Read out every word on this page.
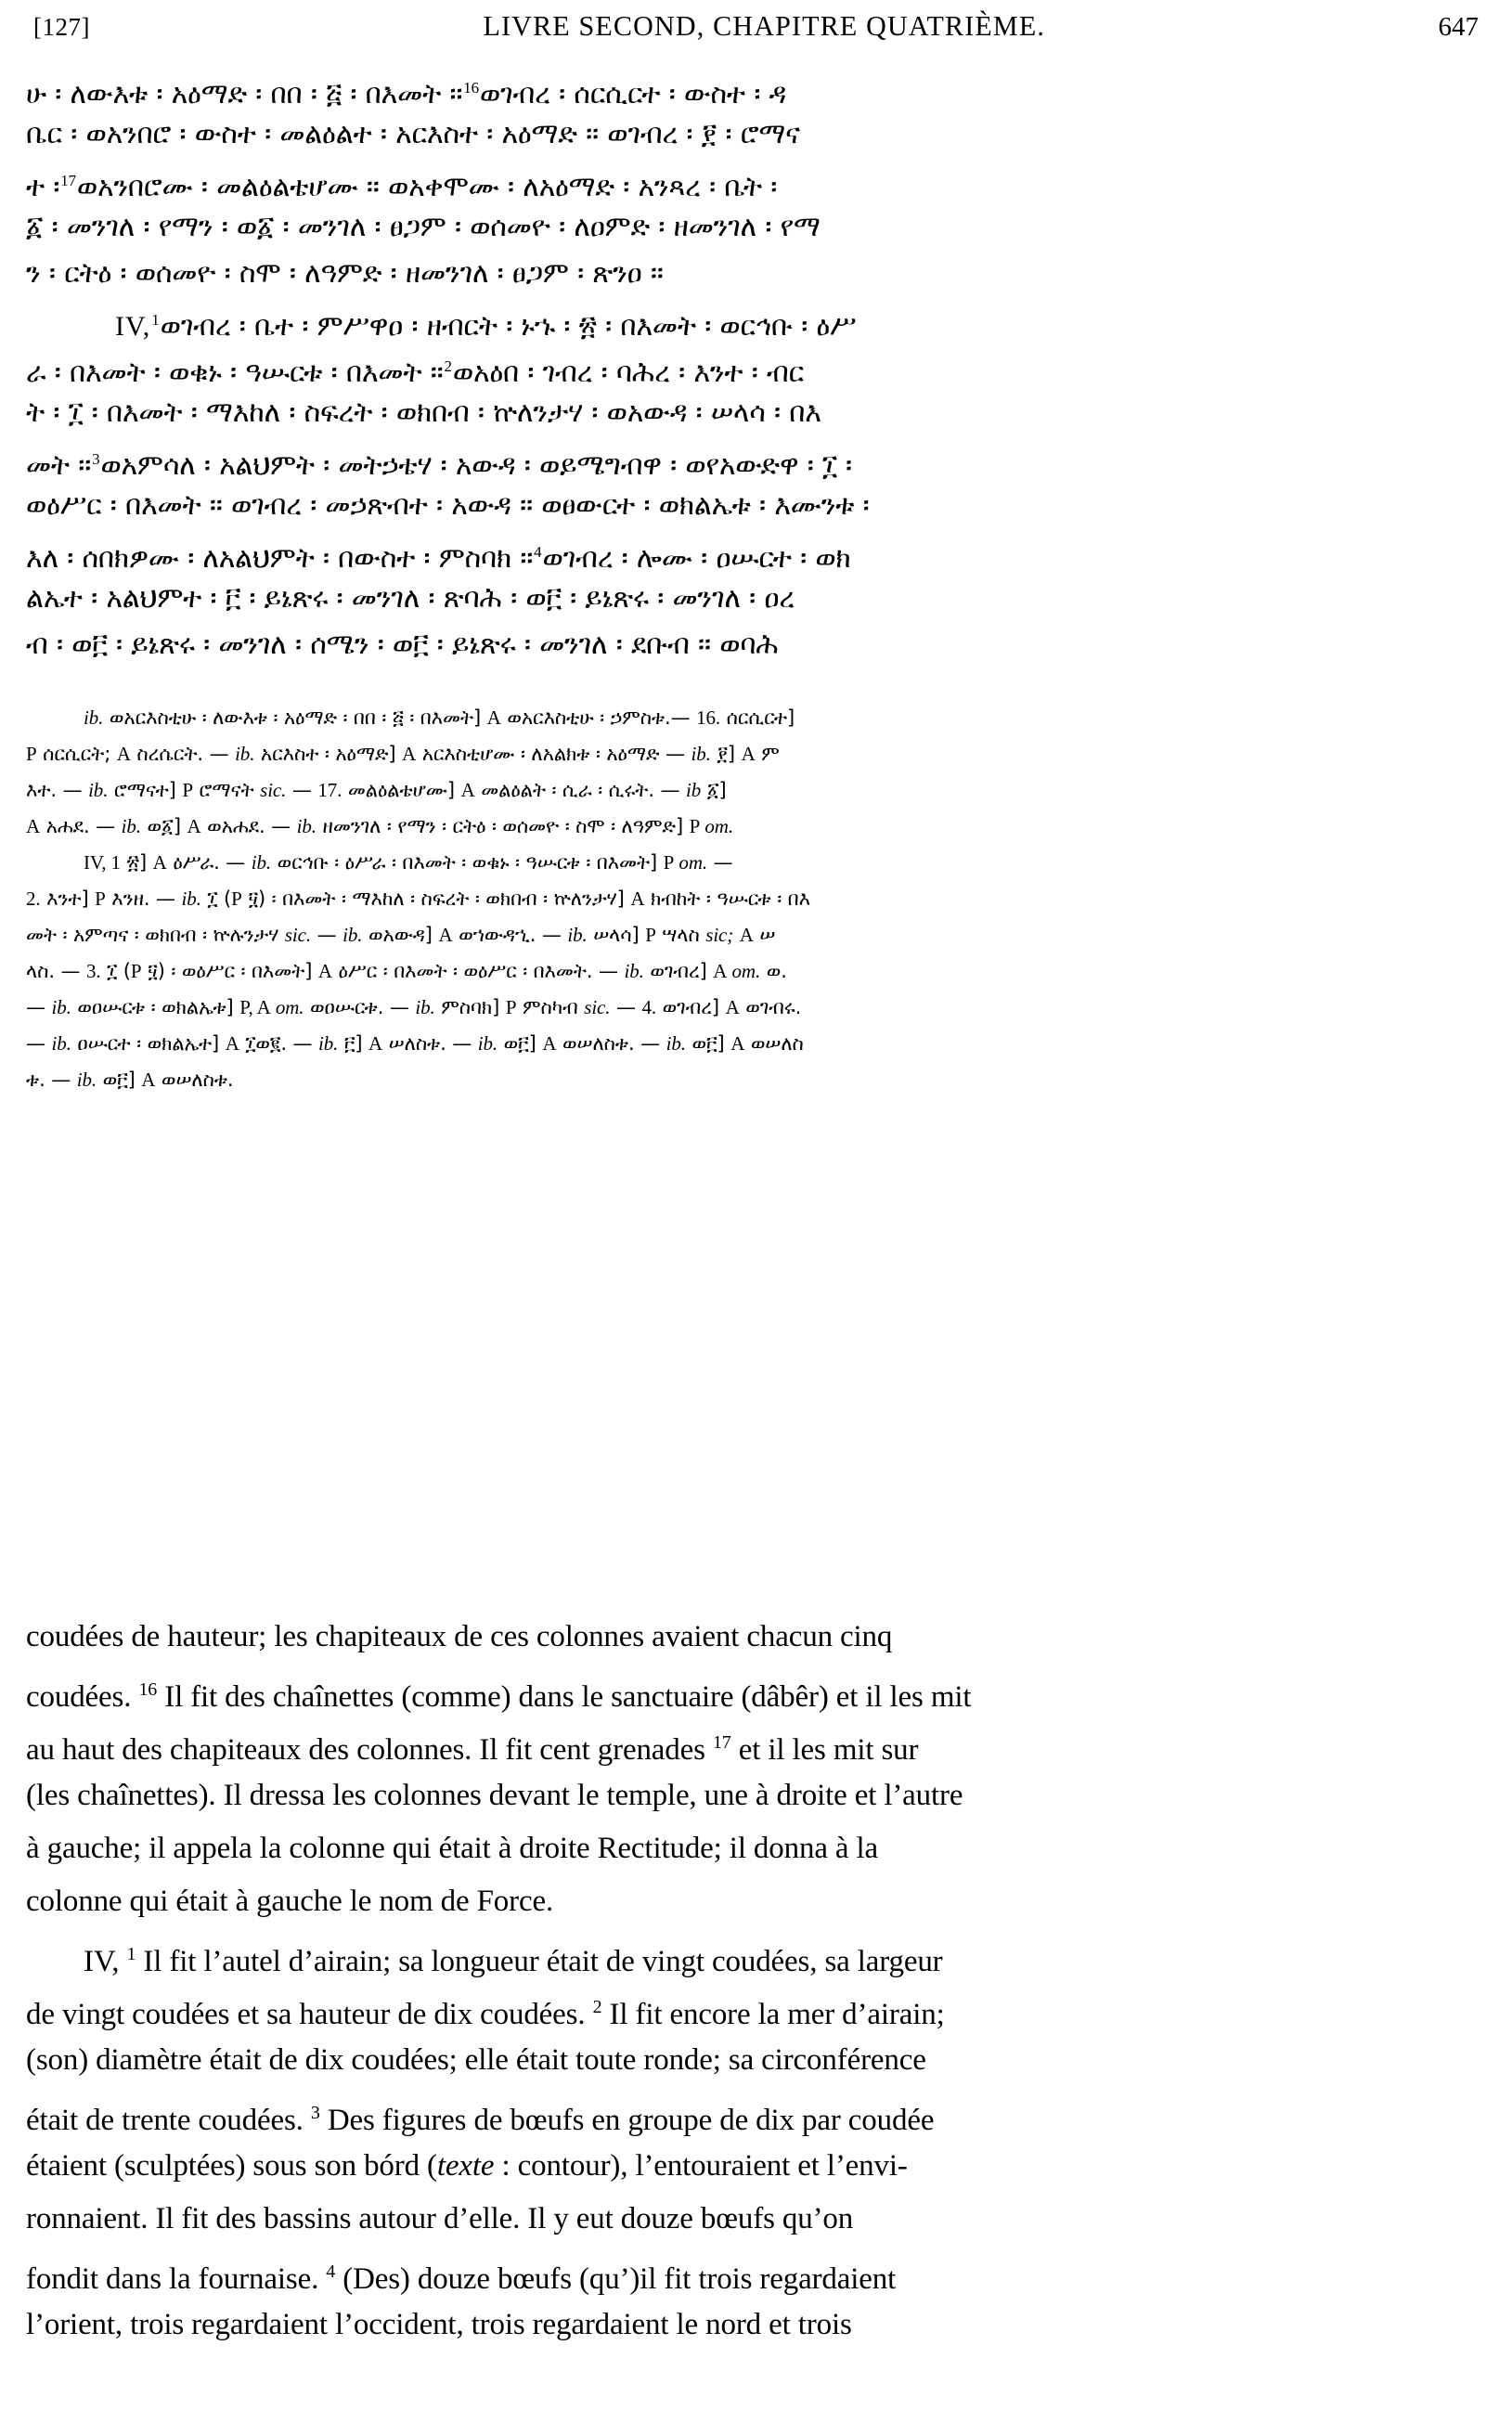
[127]	LIVRE SECOND, CHAPITRE QUATRIÈME.	647
ሁ ፡ ለውእቱ ፡ አዕማድ ፡ በበ ፡ ፭ ፡ በእመት ።$^{16}$ወገብረ ፡ ሰርሲርተ ፡ ውስተ ፡ ዳ
ቤር ፡ ወአንበሮ ፡ ውስተ ፡ መልዕልተ ፡ አርእስተ ፡ አዕማድ ። ወገብረ ፡ ፻ ፡ ሮማና
ተ ፡$^{17}$ወአንበሮሙ ፡ መልዕልቴሆሙ ። ወአቀሞሙ ፡ ለአዕማድ ፡ አንጻረ ፡ ቤት ፡
፩ ፡ መንገለ ፡ የማን ፡ ወ፩ ፡ መንገለ ፡ ፀጋም ፡ ወሰመዮ ፡ ለዐምድ ፡ ዘመንገለ ፡ የማ
ን ፡ ርትዕ ፡ ወሰመዮ ፡ ስሞ ፡ ለዓምድ ፡ ዘመንገለ ፡ ፀጋም ፡ ጽንዐ ።
IV,$^1$ወገብረ ፡ ቤተ ፡ ምሥዋዐ ፡ ዘብርት ፡ ኑኁ ፡ ፳ ፡ በእመት ፡ ወርኅቡ ፡ ዕሥ
ራ ፡ በእመት ፡ ወቁኑ ፡ ዓሡርቱ ፡ በእመት ።$^2$ወአዕበ ፡ ገብረ ፡ ባሕረ ፡ እንተ ፡ ብር
ት ፡ ፲ ፡ በእመት ፡ ማእከለ ፡ ስፍረት ፡ ወክበብ ፡ ኵለንታሃ ፡ ወአውዳ ፡ ሠላሳ ፡ በእ
መት ።$^3$ወአምሳለ ፡ አልህምት ፡ መትኃቴሃ ፡ አውዳ ፡ ወይሜግብዋ ፡ ወየአውድዋ ፡ ፲ ፡
ወዕሥር ፡ በእመት ። ወገብረ ፡ መኃጽብተ ፡ አውዳ ። ወፀውርተ ፡ ወክልኤቱ ፡ እሙንቱ ፡
እለ ፡ ሰበክዎሙ ፡ ለአልህምት ፡ በውስተ ፡ ምስባክ ።$^4$ወገብረ ፡ ሎሙ ፡ ዐሡርተ ፡ ወክ
ልኤተ ፡ አልህምተ ፡ ፫ ፡ ይኔጽሩ ፡ መንገለ ፡ ጽባሕ ፡ ወ፫ ፡ ይኔጽሩ ፡ መንገለ ፡ ዐረ
ብ ፡ ወ፫ ፡ ይኔጽሩ ፡ መንገለ ፡ ሰሜን ፡ ወ፫ ፡ ይኔጽሩ ፡ መንገለ ፡ ደቡብ ። ወባሕ
ib. ወአርእስቲሁ ፡ ለውእቱ ፡ አዕማድ ፡ በበ ፡ ፭ ፡ በእመት] A ወአርእስቲሁ ፡ ኃምስቱ.— 16. ሰርሲርተ]
P ሰርሲርት; A ስረሴርት. — ib. አርእስተ ፡ አዕማድ] A አርእስቲሆሙ ፡ ለአልክቱ ፡ አዕማድ — ib. ፻] A ም
እተ. — ib. ሮማናተ] P ሮማናት sic. — 17. መልዕልቴሆሙ] A መልዕልት ፡ ሲራ ፡ ሲሩት. — ib ፩]
A አሐደ. — ib. ወ፩] A ወአሐደ. — ib. ዘመንገለ ፡ የማን ፡ ርትዕ ፡ ወሰመዮ ፡ ስሞ ፡ ለዓምድ] P om.
IV, 1 ፳] A ዕሥራ. — ib. ወርኅቡ ፡ ዕሥራ ፡ በእመት ፡ ወቁኑ ፡ ዓሡርቱ ፡ በእመት] P om. —
2. እንተ] P እንዘ. — ib. ፲ (P ፶) ፡ በእመት ፡ ማእከለ ፡ ስፍረት ፡ ወክበብ ፡ ኵለንታሃ] A ክብከት ፡ ዓሡርቱ ፡ በእ
መት ፡ አምጣና ፡ ወክበብ ፡ ኵሉንታሃ sic. — ib. ወአውዳ] A ወኀውዳኂ. — ib. ሠላሳ] P ሣላስ sic; A ሠ
ላስ. — 3. ፲ (P ፶) ፡ ወዕሥር ፡ በእመት] A ዕሥር ፡ በእመት ፡ ወዕሥር ፡ በእመት. — ib. ወገብረ] A om. ወ.
— ib. ወዐሡርቱ ፡ ወክልኤቱ] P, A om. ወዐሡርቱ. — ib. ምስባክ] P ምስካብ sic. — 4. ወገብረ] A ወገብሩ.
— ib. ዐሡርተ ፡ ወክልኤተ] A ፲ወ፪. — ib. ፫] A ሠለስቱ. — ib. ወ፫] A ወሠለስቱ. — ib. ወ፫] A ወሠለስ
ቱ. — ib. ወ፫] A ወሠለስቱ.
coudées de hauteur; les chapiteaux de ces colonnes avaient chacun cinq
coudées. $^{16}$ Il fit des chaînettes (comme) dans le sanctuaire (dâbêr) et il les mit
au haut des chapiteaux des colonnes. Il fit cent grenades $^{17}$ et il les mit sur
(les chaînettes). Il dressa les colonnes devant le temple, une à droite et l’autre
à gauche; il appela la colonne qui était à droite Rectitude; il donna à la
colonne qui était à gauche le nom de Force.
IV, $^1$ Il fit l’autel d’airain; sa longueur était de vingt coudées, sa largeur
de vingt coudées et sa hauteur de dix coudées. $^2$ Il fit encore la mer d’airain;
(son) diamètre était de dix coudées; elle était toute ronde; sa circonférence
était de trente coudées. $^3$ Des figures de bœufs en groupe de dix par coudée
étaient (sculptées) sous son bórd (texte : contour), l’entouraient et l’envi-
ronnaient. Il fit des bassins autour d’elle. Il y eut douze bœufs qu’on
fondit dans la fournaise. $^4$ (Des) douze bœufs (qu’)il fit trois regardaient
l’orient, trois regardaient l’occident, trois regardaient le nord et trois
